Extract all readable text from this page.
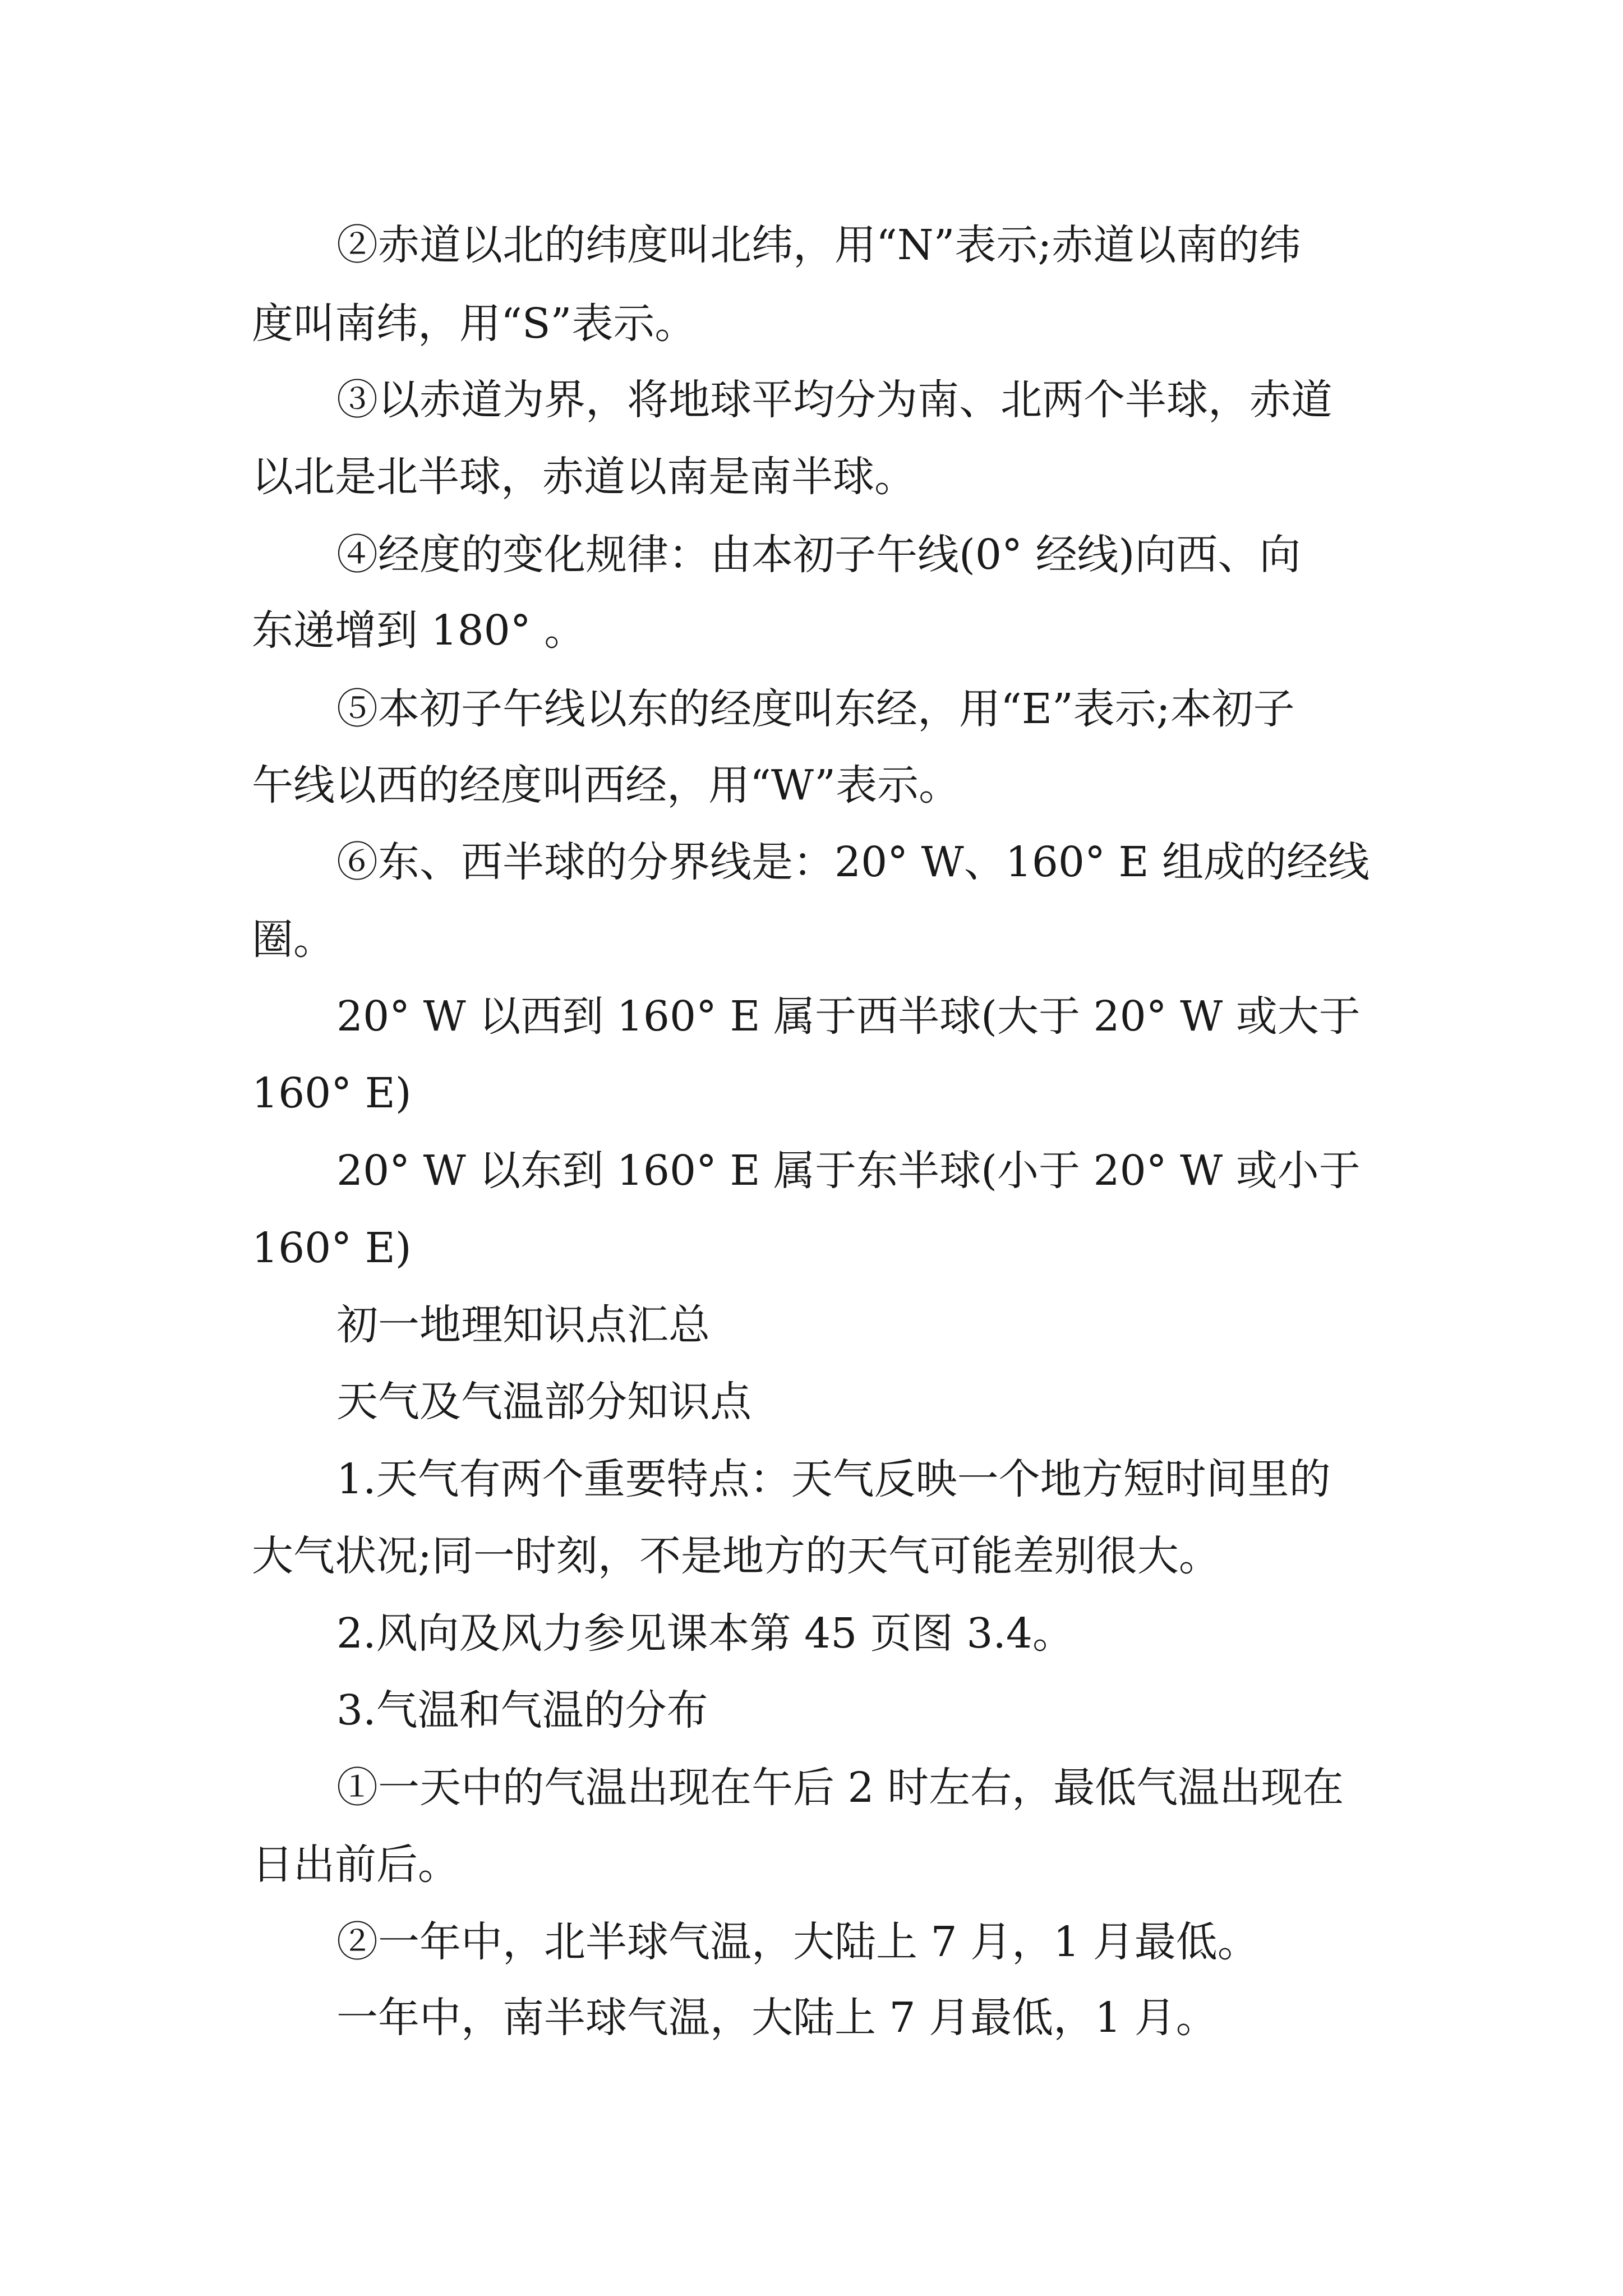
②赤道以北的纬度叫北纬，用“N”表示;赤道以南的纬

度叫南纬，用“S”表示。

③以赤道为界，将地球平均分为南、北两个半球，赤道

以北是北半球，赤道以南是南半球。

④经度的变化规律：由本初子午线(0° 经线)向西、向

东递增到 180° 。

⑤本初子午线以东的经度叫东经，用“E”表示;本初子

午线以西的经度叫西经，用“W”表示。

⑥东、西半球的分界线是：20° W、160° E 组成的经线

圈。

20° W 以西到 160° E 属于西半球(大于 20° W 或大于

160° E)

20° W 以东到 160° E 属于东半球(小于 20° W 或小于

160° E)

初一地理知识点汇总

天气及气温部分知识点

1.天气有两个重要特点：天气反映一个地方短时间里的

大气状况;同一时刻，不是地方的天气可能差别很大。

2.风向及风力参见课本第 45 页图 3.4。

3.气温和气温的分布

①一天中的气温出现在午后 2 时左右，最低气温出现在

日出前后。

②一年中，北半球气温，大陆上 7 月，1 月最低。

一年中，南半球气温，大陆上 7 月最低，1 月。
